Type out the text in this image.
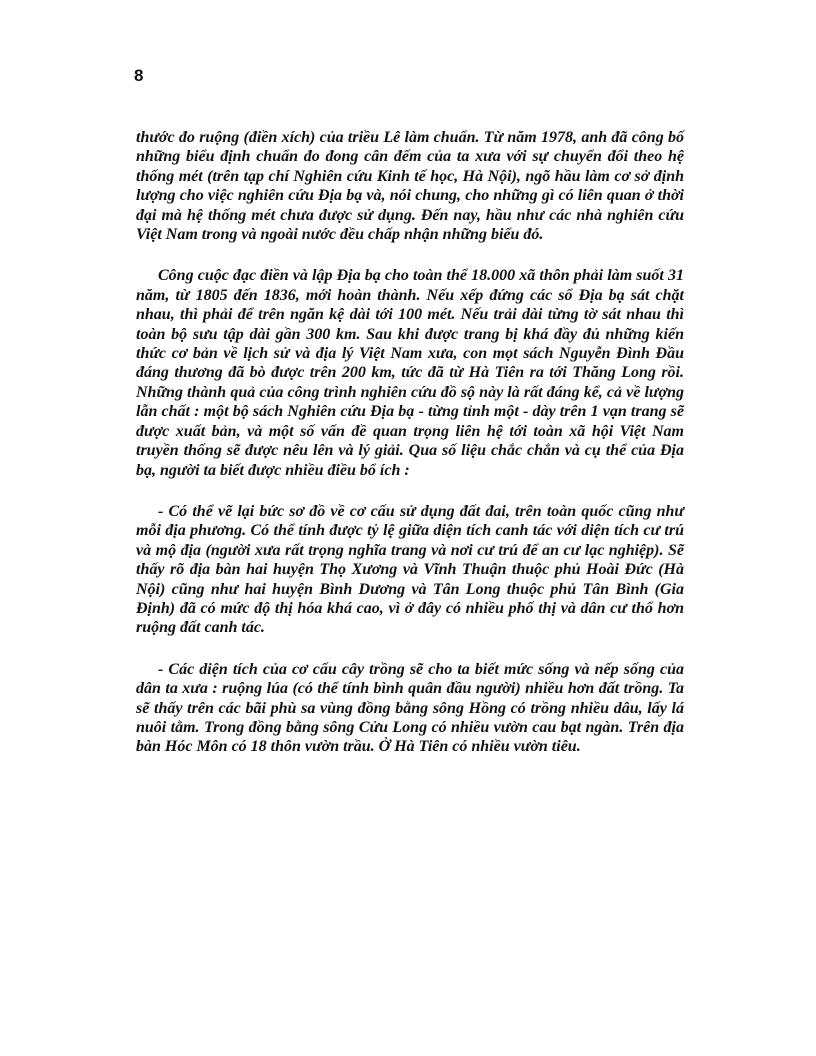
8

thước đo ruộng (điền xích) của triều Lê làm chuẩn. Từ năm 1978, anh đã công bố những biểu định chuẩn đo đong cân đếm của ta xưa với sự chuyển đổi theo hệ thống mét (trên tạp chí Nghiên cứu Kinh tế học, Hà Nội), ngõ hầu làm cơ sở định lượng cho việc nghiên cứu Địa bạ và, nói chung, cho những gì có liên quan ở thời đại mà hệ thống mét chưa được sử dụng. Đến nay, hầu như các nhà nghiên cứu Việt Nam trong và ngoài nước đều chấp nhận những biểu đó.

Công cuộc đạc điền và lập Địa bạ cho toàn thể 18.000 xã thôn phải làm suốt 31 năm, từ 1805 đến 1836, mới hoàn thành. Nếu xếp đứng các sổ Địa bạ sát chặt nhau, thì phải để trên ngăn kệ dài tới 100 mét. Nếu trải dài từng tờ sát nhau thì toàn bộ sưu tập dài gần 300 km. Sau khi được trang bị khá đầy đủ những kiến thức cơ bản về lịch sử và địa lý Việt Nam xưa, con mọt sách Nguyễn Đình Đầu đáng thương đã bò được trên 200 km, tức đã từ Hà Tiên ra tới Thăng Long rồi. Những thành quả của công trình nghiên cứu đồ sộ này là rất đáng kể, cả về lượng lẫn chất : một bộ sách Nghiên cứu Địa bạ - từng tỉnh một - dày trên 1 vạn trang sẽ được xuất bản, và một số vấn đề quan trọng liên hệ tới toàn xã hội Việt Nam truyền thống sẽ được nêu lên và lý giải. Qua số liệu chắc chắn và cụ thể của Địa bạ, người ta biết được nhiều điều bổ ích :

- Có thể vẽ lại bức sơ đồ về cơ cấu sử dụng đất đai, trên toàn quốc cũng như mỗi địa phương. Có thể tính được tỷ lệ giữa diện tích canh tác với diện tích cư trú và mộ địa (người xưa rất trọng nghĩa trang và nơi cư trú để an cư lạc nghiệp). Sẽ thấy rõ địa bàn hai huyện Thọ Xương và Vĩnh Thuận thuộc phủ Hoài Đức (Hà Nội) cũng như hai huyện Bình Dương và Tân Long thuộc phủ Tân Bình (Gia Định) đã có mức độ thị hóa khá cao, vì ở đây có nhiều phố thị và dân cư thổ hơn ruộng đất canh tác.

- Các diện tích của cơ cấu cây trồng sẽ cho ta biết mức sống và nếp sống của dân ta xưa : ruộng lúa (có thể tính bình quân đầu người) nhiều hơn đất trồng. Ta sẽ thấy trên các bãi phù sa vùng đồng bằng sông Hồng có trồng nhiều dâu, lấy lá nuôi tằm. Trong đồng bằng sông Cửu Long có nhiều vườn cau bạt ngàn. Trên địa bàn Hóc Môn có 18 thôn vườn trầu. Ở Hà Tiên có nhiều vườn tiêu.
